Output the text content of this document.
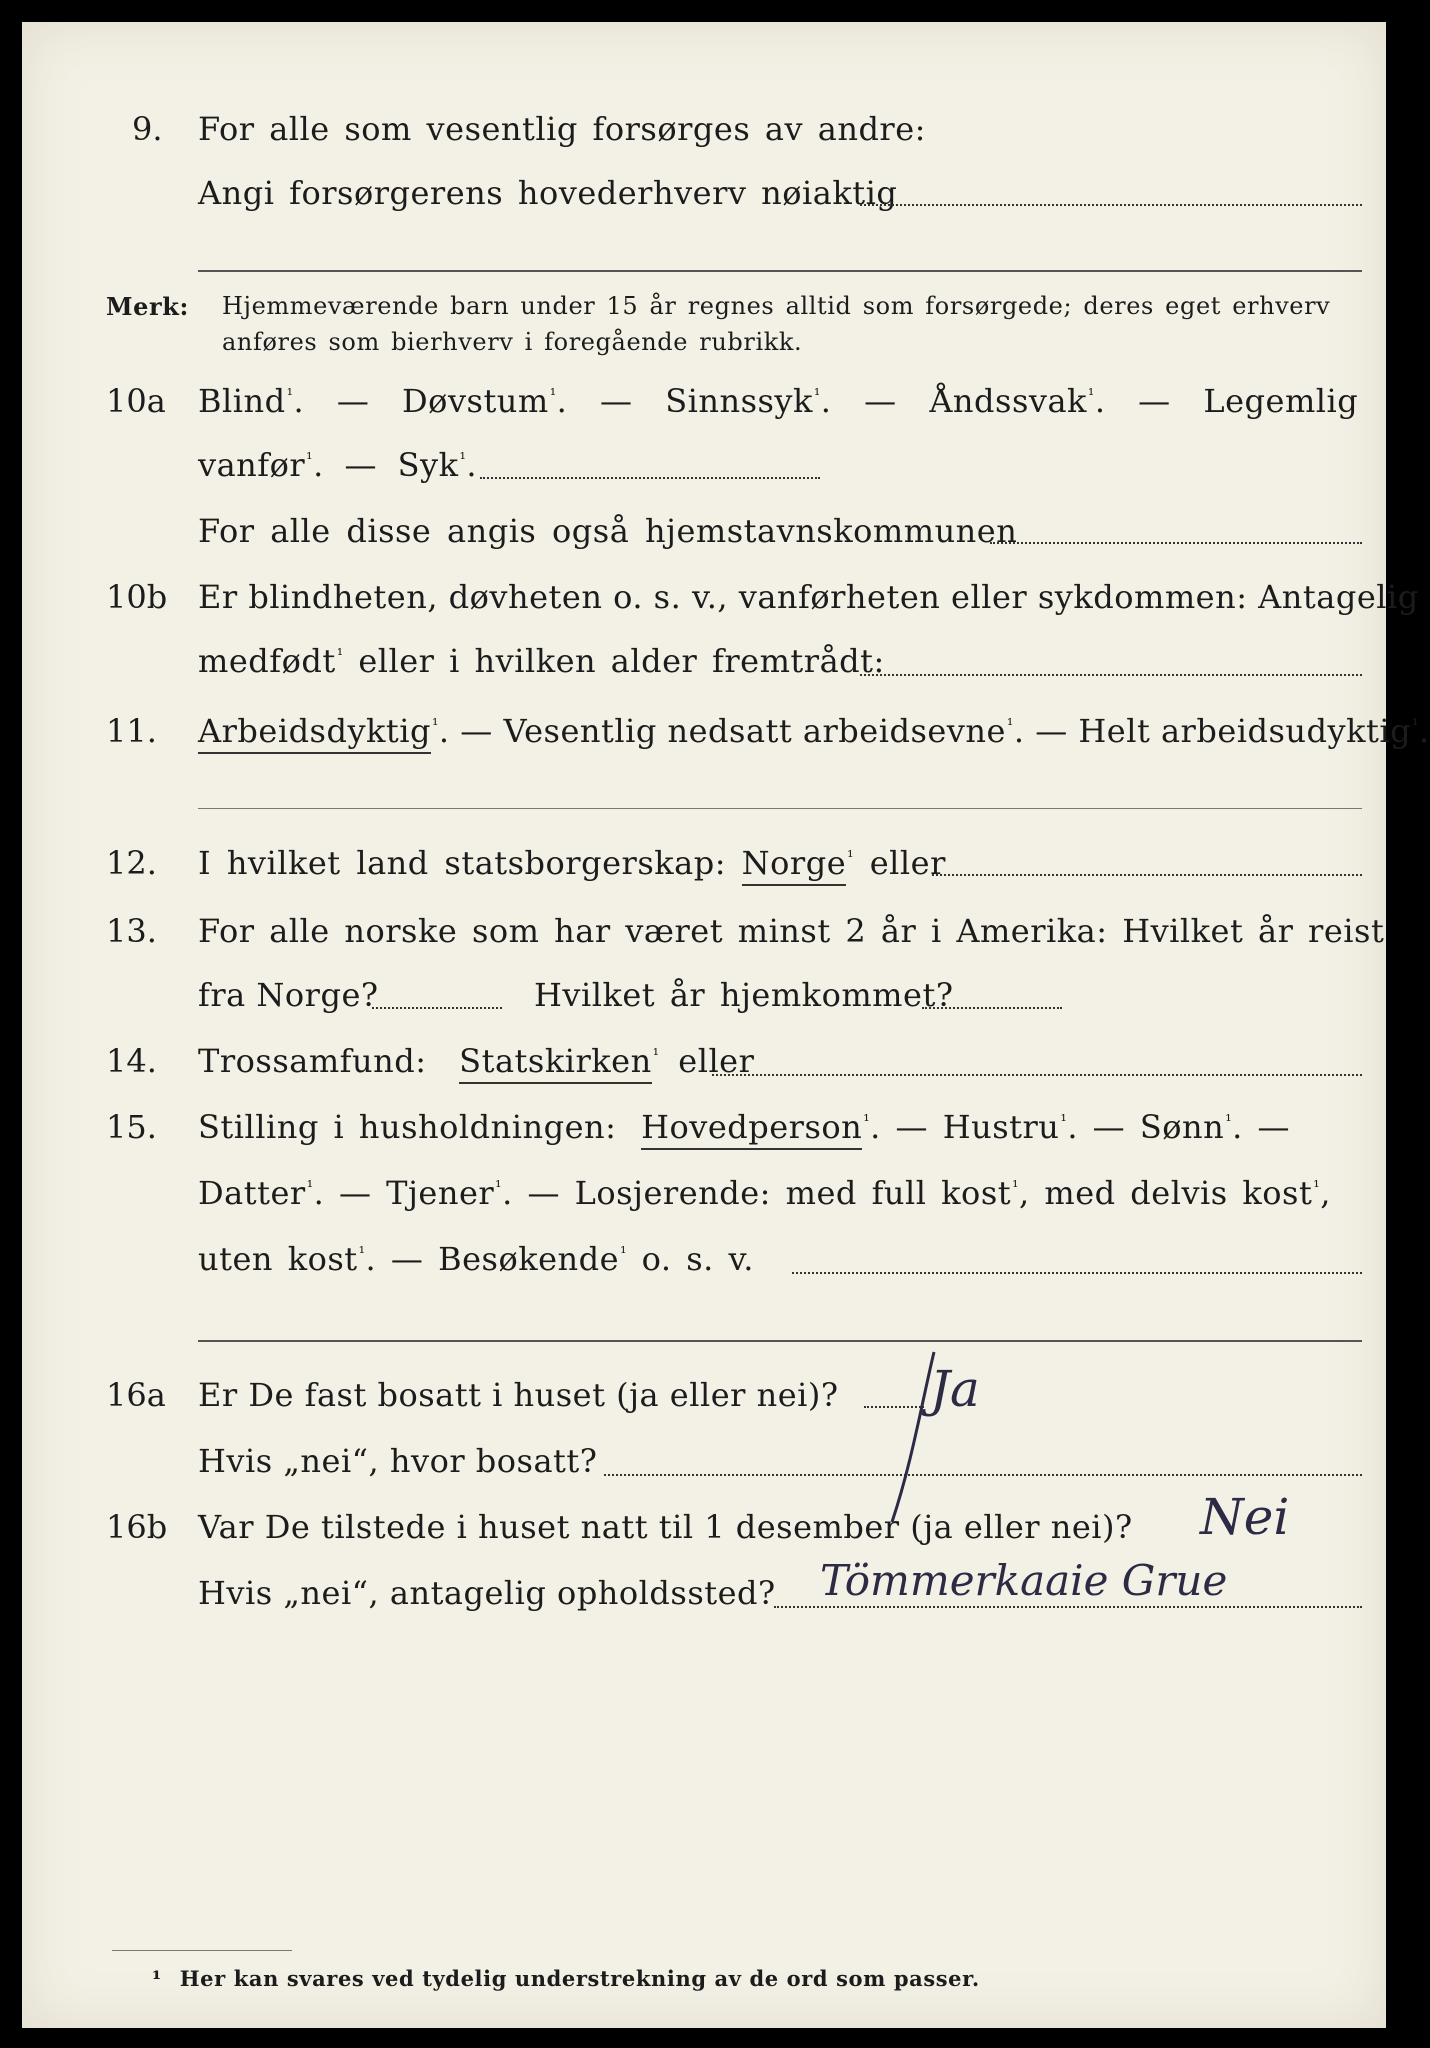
9. For alle som vesentlig forsørges av andre:
Angi forsørgerens hovederhverv nøiaktig
Merk: Hjemmeværende barn under 15 år regnes alltid som forsørgede; deres eget erhverv
anføres som bierhverv i foregående rubrikk.
10a Blind$^{^1}$. — Døvstum$^{^1}$. — Sinnssyk$^{^1}$. — Åndssvak$^{^1}$. — Legemlig
vanfør$^{^1}$. — Syk$^{^1}$.
For alle disse angis også hjemstavnskommunen
10b Er blindheten, døvheten o. s. v., vanførheten eller sykdommen: Antagelig
medfødt$^{^1}$ eller i hvilken alder fremtrådt:
11. Arbeidsdyktig$^{^1}$. — Vesentlig nedsatt arbeidsevne$^{^1}$. — Helt arbeidsudyktig$^{^1}$.
12. I hvilket land statsborgerskap: Norge$^{^1}$ eller
13. For alle norske som har været minst 2 år i Amerika: Hvilket år reist
fra Norge?	Hvilket år hjemkommet?
14. Trossamfund: Statskirken$^{^1}$ eller
15. Stilling i husholdningen: Hovedperson$^{^1}$. — Hustru$^{^1}$. — Sønn$^{^1}$. —
Datter$^{^1}$. — Tjener$^{^1}$. — Losjerende: med full kost$^{^1}$, med delvis kost$^{^1}$,
uten kost$^{^1}$. — Besøkende$^{^1}$ o. s. v.
16a Er De fast bosatt i huset (ja eller nei)?
Hvis „nei“, hvor bosatt?
Ja
16b Var De tilstede i huset natt til 1 desember (ja eller nei)? Nei
Hvis „nei“, antagelig opholdssted? Tömmerkaaie Grue
¹ Her kan svares ved tydelig understrekning av de ord som passer.
